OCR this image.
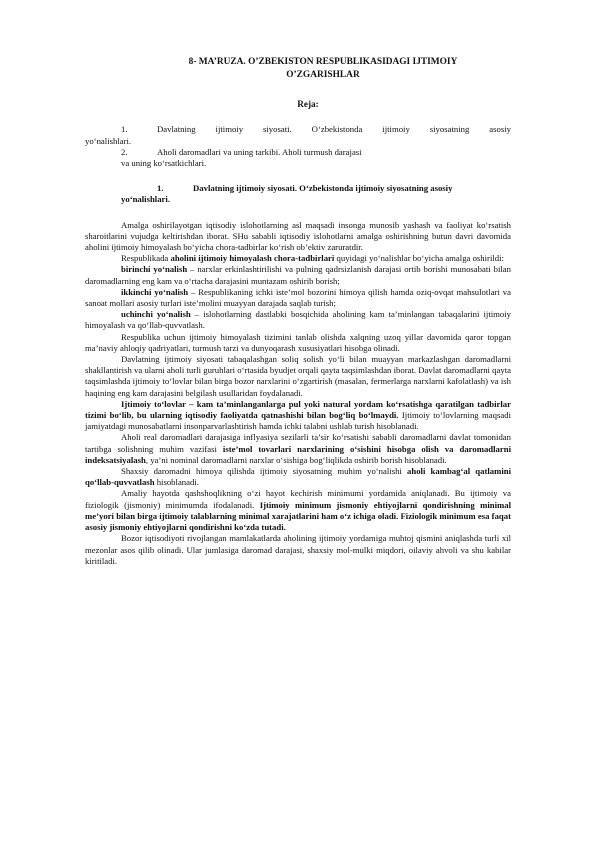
8- MA’RUZA. O’ZBEKISTON RESPUBLIKASIDAGI IJTIMOIY
O’ZGARISHLAR
Reja:
1.	Davlatning ijtimoiy siyosati. O‘zbekistonda ijtimoiy siyosatning asosiy
yo‘nalishlari.
2.	Aholi daromadlari va uning tarkibi. Aholi turmush darajasi
va uning ko‘rsatkichlari.
1.	Davlatning ijtimoiy siyosati. O‘zbekistonda ijtimoiy siyosatning asosiy
yo‘nalishlari.

Amalga oshirilayotgan iqtisodiy islohotlarning asl maqsadi insonga munosib yashash va faoliyat ko‘rsatish sharoitlarini vujudga keltirishdan iborat. SHu sababli iqtisodiy islohotlarni amalga oshirishning butun davri davomida aholini ijtimoiy himoyalash bo‘yicha chora-tadbirlar ko‘rish ob’ektiv zaruratdir.

Respublikada aholini ijtimoiy himoyalash chora-tadbirlari quyidagi yo‘nalishlar bo‘yicha amalga oshirildi:

birinchi yo‘nalish – narxlar erkinlashtirilishi va pulning qadrsizlanish darajasi ortib borishi munosabati bilan daromadlarning eng kam va o‘rtacha darajasini muntazam oshirib borish;

ikkinchi yo‘nalish – Respublikaning ichki iste’mol bozorini himoya qilish hamda oziq-ovqat mahsulotlari va sanoat mollari asosiy turlari iste’molini muayyan darajada saqlab turish;

uchinchi yo‘nalish – islohotlarning dastlabki bosqichida aholining kam ta’minlangan tabaqalarini ijtimoiy himoyalash va qo‘llab-quvvatlash.

Respublika uchun ijtimoiy himoyalash tizimini tanlab olishda xalqning uzoq yillar davomida qaror topgan ma’naviy ahloqiy qadriyatlari, turmush tarzi va dunyoqarash xususiyatlari hisobga olinadi.

Davlatning ijtimoiy siyosati tabaqalashgan soliq solish yo‘li bilan muayyan markazlashgan daromadlarni shakllantirish va ularni aholi turli guruhlari o‘rtasida byudjet orqali qayta taqsimlashdan iborat. Davlat daromadlarni qayta taqsimlashda ijtimoiy to‘lovlar bilan birga bozor narxlarini o‘zgartirish (masalan, fermerlarga narxlarni kafolatlash) va ish haqining eng kam darajasini belgilash usullaridan foydalanadi.

Ijtimoiy to‘lovlar – kam ta’minlanganlarga pul yoki natural yordam ko‘rsatishga qaratilgan tadbirlar tizimi bo‘lib, bu ularning iqtisodiy faoliyatda qatnashishi bilan bog‘liq bo‘lmaydi. Ijtimoiy to‘lovlarning maqsadi jamiyatdagi munosabatlarni insonparvarlashtirish hamda ichki talabni ushlab turish hisoblanadi.

Aholi real daromadlari darajasiga inflyasiya sezilarli ta’sir ko‘rsatishi sababli daromadlarni davlat tomonidan tartibga solishning muhim vazifasi iste’mol tovarlari narxlarining o‘sishini hisobga olish va daromadlarni indeksatsiyalash, ya’ni nominal daromadlarni narxlar o‘sishiga bog‘liqlikda oshirib borish hisoblanadi.

Shaxsiy daromadni himoya qilishda ijtimoiy siyosatning muhim yo‘nalishi aholi kambag‘al qatlamini qo‘llab-quvvatlash hisoblanadi.

Amaliy hayotda qashshoqlikning o‘zi hayot kechirish minimumi yordamida aniqlanadi. Bu ijtimoiy va fiziologik (jismoniy) minimumda ifodalanadi. Ijtimoiy minimum jismoniy ehtiyojlarni qondirishning minimal me’yori bilan birga ijtimoiy talablarning minimal xarajatlarini ham o‘z ichiga oladi. Fiziologik minimum esa faqat asosiy jismoniy ehtiyojlarni qondirishni ko‘zda tutadi.

Bozor iqtisodiyoti rivojlangan mamlakatlarda aholining ijtimoiy yordamiga muhtoj qismini aniqlashda turli xil mezonlar asos qilib olinadi. Ular jumlasiga daromad darajasi, shaxsiy mol-mulki miqdori, oilaviy ahvoli va shu kabilar kiritiladi.
